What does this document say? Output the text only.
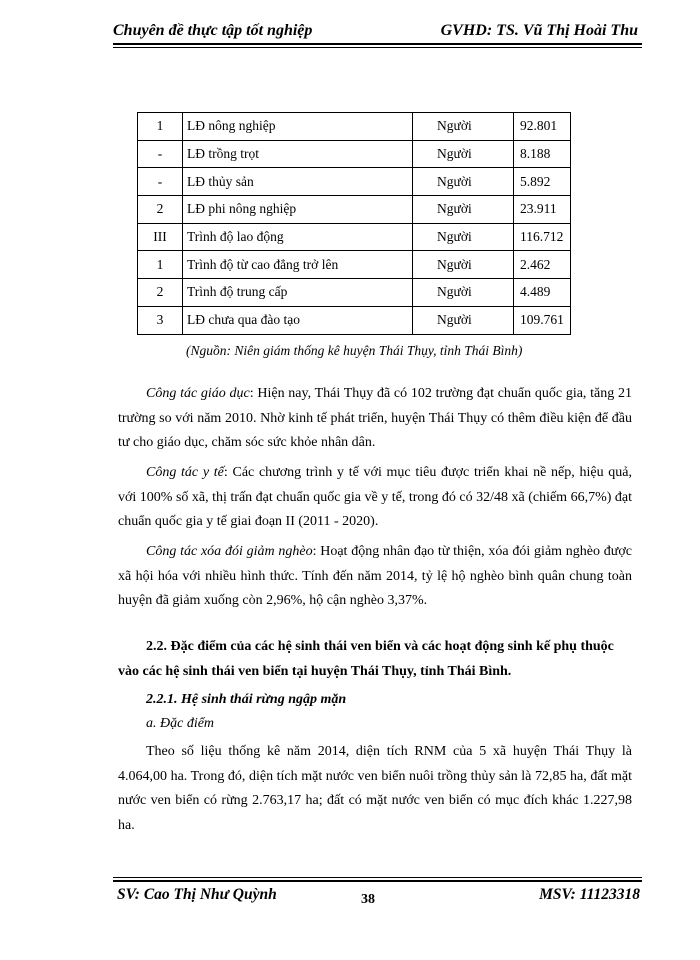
Chuyên đề thực tập tốt nghiệp	GVHD: TS. Vũ Thị Hoài Thu
1	LĐ nông nghiệp	Người	92.801
-	LĐ trồng trọt	Người	8.188
-	LĐ thủy sản	Người	5.892
2	LĐ phi nông nghiệp	Người	23.911
III	Trình độ lao động	Người	116.712
1	Trình độ từ cao đẳng trở lên	Người	2.462
2	Trình độ trung cấp	Người	4.489
3	LĐ chưa qua đào tạo	Người	109.761
(Nguồn: Niên giám thống kê huyện Thái Thụy, tỉnh Thái Bình)
Công tác giáo dục: Hiện nay, Thái Thụy đã có 102 trường đạt chuẩn quốc gia, tăng 21 trường so với năm 2010. Nhờ kinh tế phát triển, huyện Thái Thụy có thêm điều kiện để đầu tư cho giáo dục, chăm sóc sức khỏe nhân dân.
Công tác y tế: Các chương trình y tế với mục tiêu được triển khai nề nếp, hiệu quả, với 100% số xã, thị trấn đạt chuẩn quốc gia về y tế, trong đó có 32/48 xã (chiếm 66,7%) đạt chuẩn quốc gia y tế giai đoạn II (2011 - 2020).
Công tác xóa đói giảm nghèo: Hoạt động nhân đạo từ thiện, xóa đói giảm nghèo được xã hội hóa với nhiều hình thức. Tính đến năm 2014, tỷ lệ hộ nghèo bình quân chung toàn huyện đã giảm xuống còn 2,96%, hộ cận nghèo 3,37%.
2.2. Đặc điểm của các hệ sinh thái ven biển và các hoạt động sinh kế phụ thuộc vào các hệ sinh thái ven biển tại huyện Thái Thụy, tỉnh Thái Bình.
2.2.1. Hệ sinh thái rừng ngập mặn
a. Đặc điểm
Theo số liệu thống kê năm 2014, diện tích RNM của 5 xã huyện Thái Thụy là 4.064,00 ha. Trong đó, diện tích mặt nước ven biển nuôi trồng thủy sản là 72,85 ha, đất mặt nước ven biển có rừng 2.763,17 ha; đất có mặt nước ven biển có mục đích khác 1.227,98 ha.
SV: Cao Thị Như Quỳnh	38	MSV: 11123318
